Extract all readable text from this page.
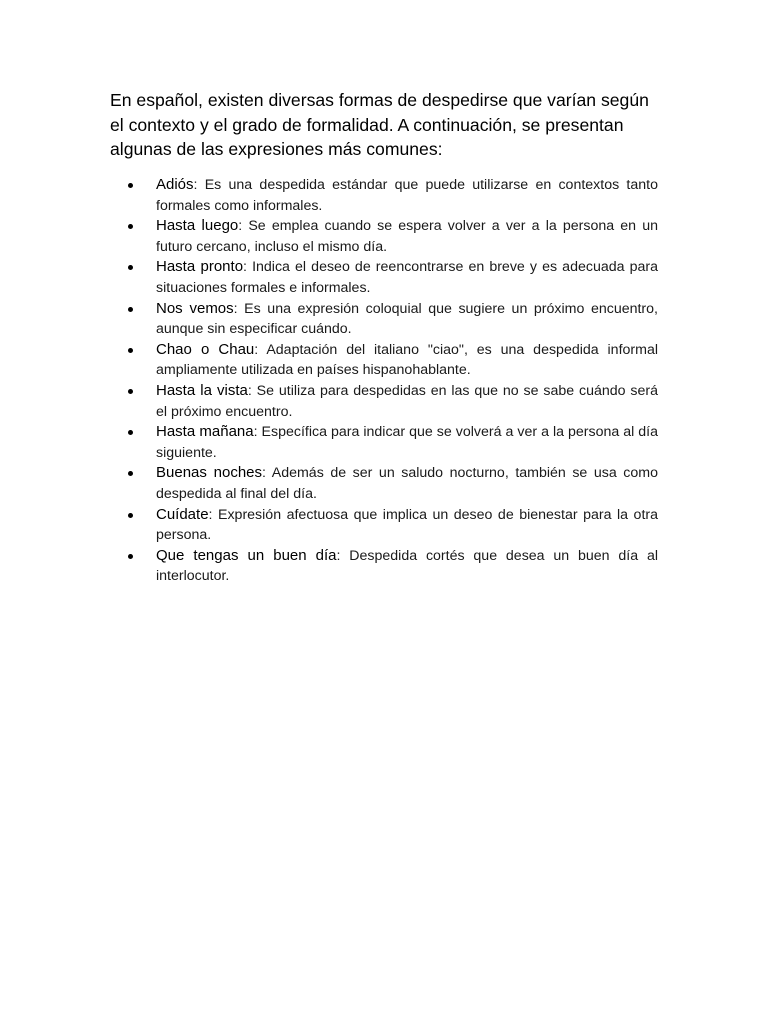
En español, existen diversas formas de despedirse que varían según el contexto y el grado de formalidad. A continuación, se presentan algunas de las expresiones más comunes:

Adiós: Es una despedida estándar que puede utilizarse en contextos tanto formales como informales.
Hasta luego: Se emplea cuando se espera volver a ver a la persona en un futuro cercano, incluso el mismo día.
Hasta pronto: Indica el deseo de reencontrarse en breve y es adecuada para situaciones formales e informales.
Nos vemos: Es una expresión coloquial que sugiere un próximo encuentro, aunque sin especificar cuándo.
Chao o Chau: Adaptación del italiano "ciao", es una despedida informal ampliamente utilizada en países hispanohablante.
Hasta la vista: Se utiliza para despedidas en las que no se sabe cuándo será el próximo encuentro.
Hasta mañana: Específica para indicar que se volverá a ver a la persona al día siguiente.
Buenas noches: Además de ser un saludo nocturno, también se usa como despedida al final del día.
Cuídate: Expresión afectuosa que implica un deseo de bienestar para la otra persona.
Que tengas un buen día: Despedida cortés que desea un buen día al interlocutor.
